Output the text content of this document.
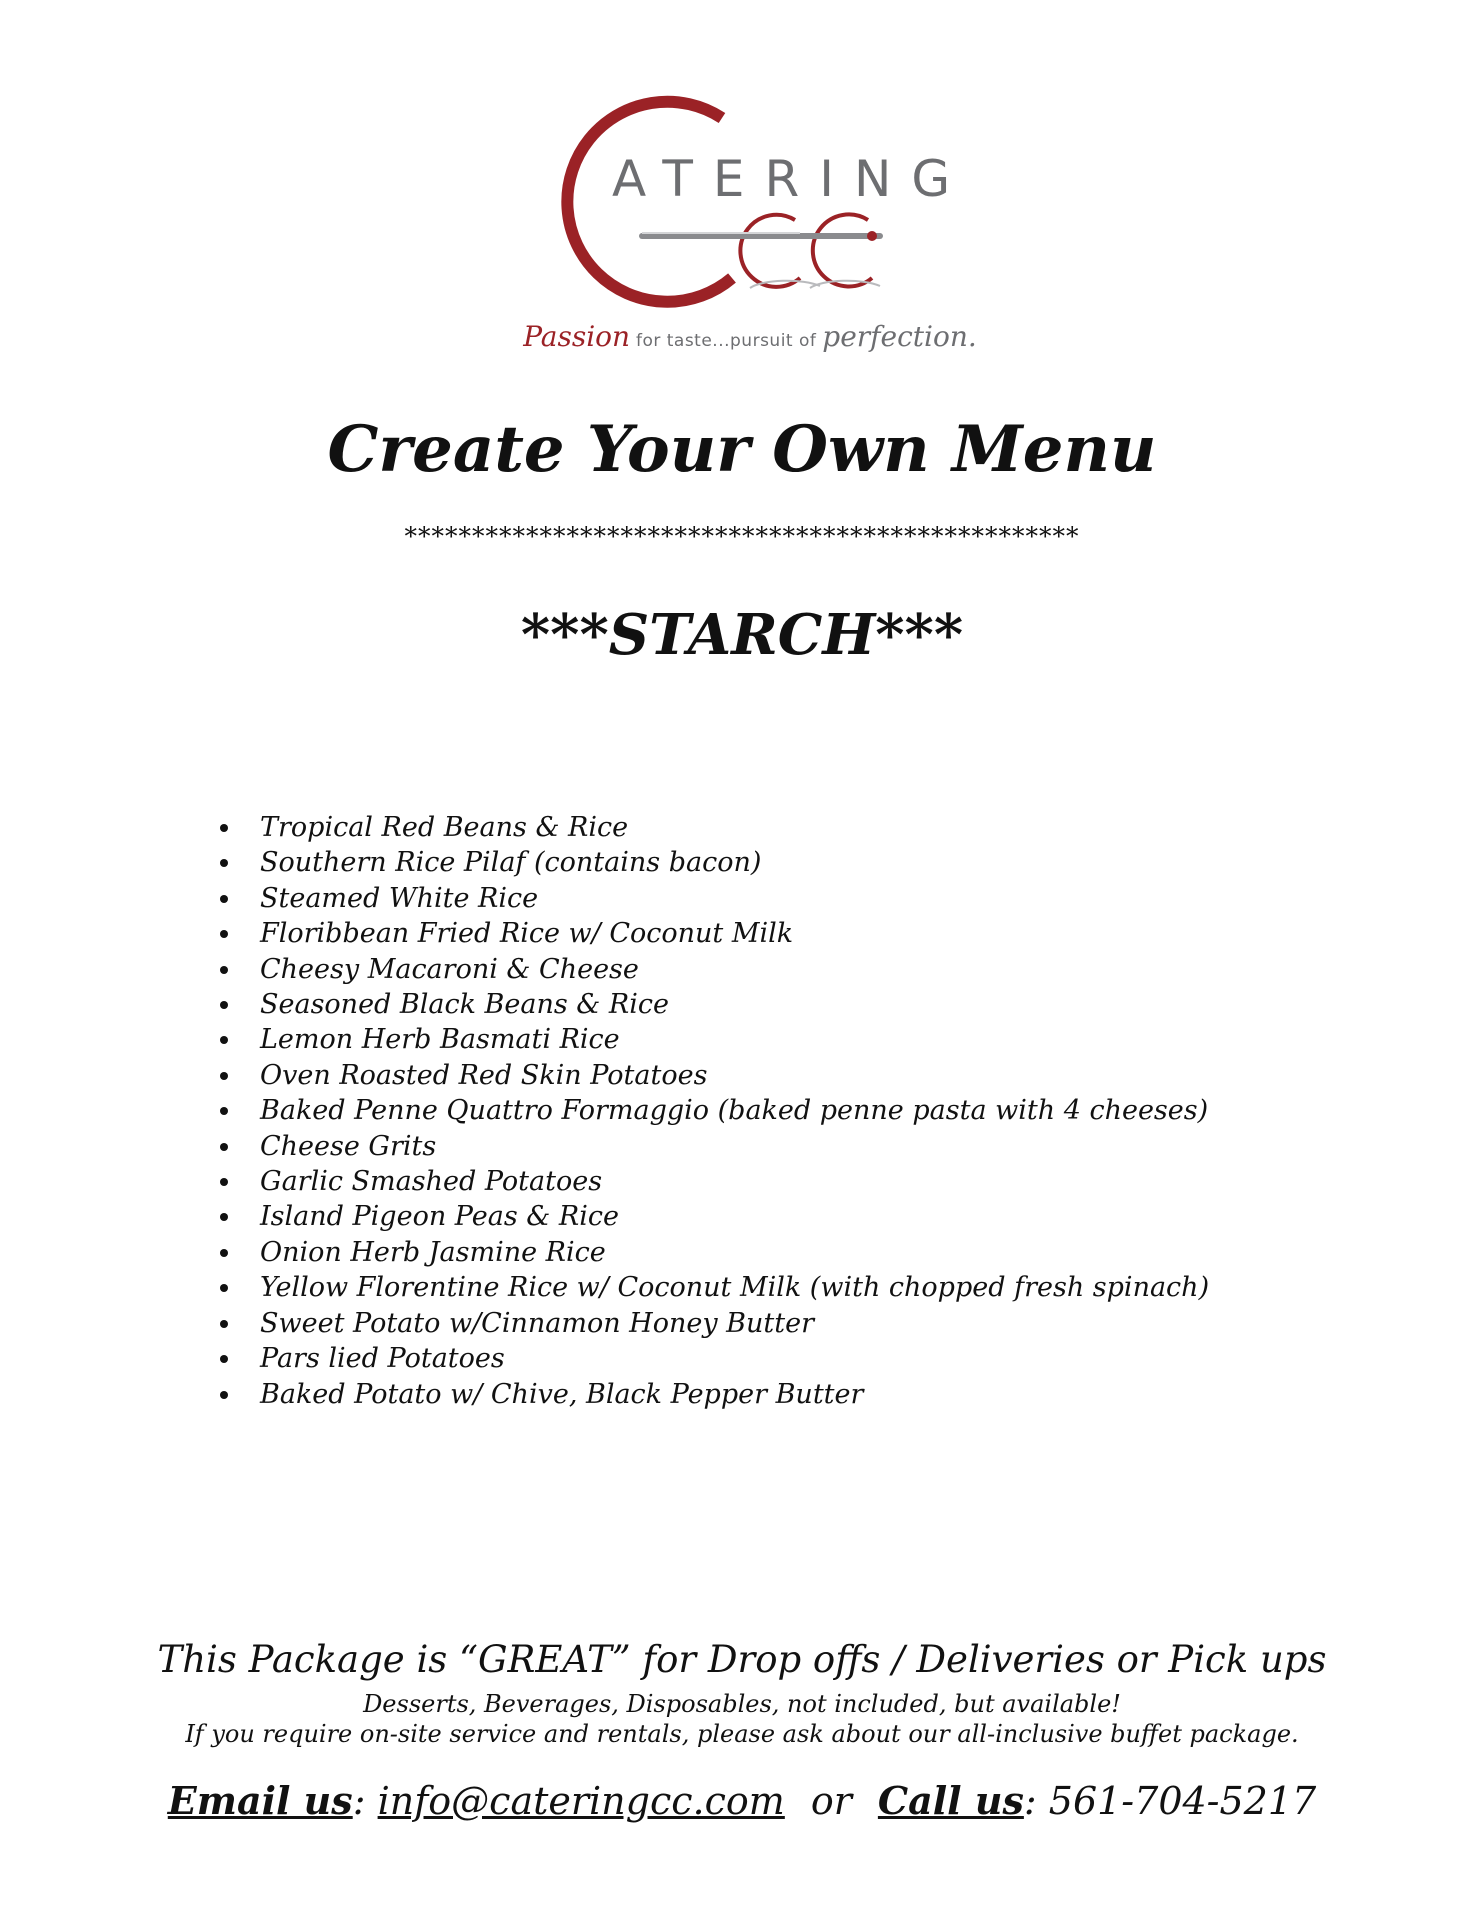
ATERING
Passion for taste...pursuit of perfection.
Create Your Own Menu
**************************************************
***STARCH***
Tropical Red Beans & Rice
Southern Rice Pilaf (contains bacon)
Steamed White Rice
Floribbean Fried Rice w/ Coconut Milk
Cheesy Macaroni & Cheese
Seasoned Black Beans & Rice
Lemon Herb Basmati Rice
Oven Roasted Red Skin Potatoes
Baked Penne Quattro Formaggio (baked penne pasta with 4 cheeses)
Cheese Grits
Garlic Smashed Potatoes
Island Pigeon Peas & Rice
Onion Herb Jasmine Rice
Yellow Florentine Rice w/ Coconut Milk (with chopped fresh spinach)
Sweet Potato w/Cinnamon Honey Butter
Pars lied Potatoes
Baked Potato w/ Chive, Black Pepper Butter
This Package is “GREAT” for Drop offs / Deliveries or Pick ups
Desserts, Beverages, Disposables, not included, but available!
If you require on-site service and rentals, please ask about our all-inclusive buffet package.
Email us: info@cateringcc.com or Call us: 561-704-5217
